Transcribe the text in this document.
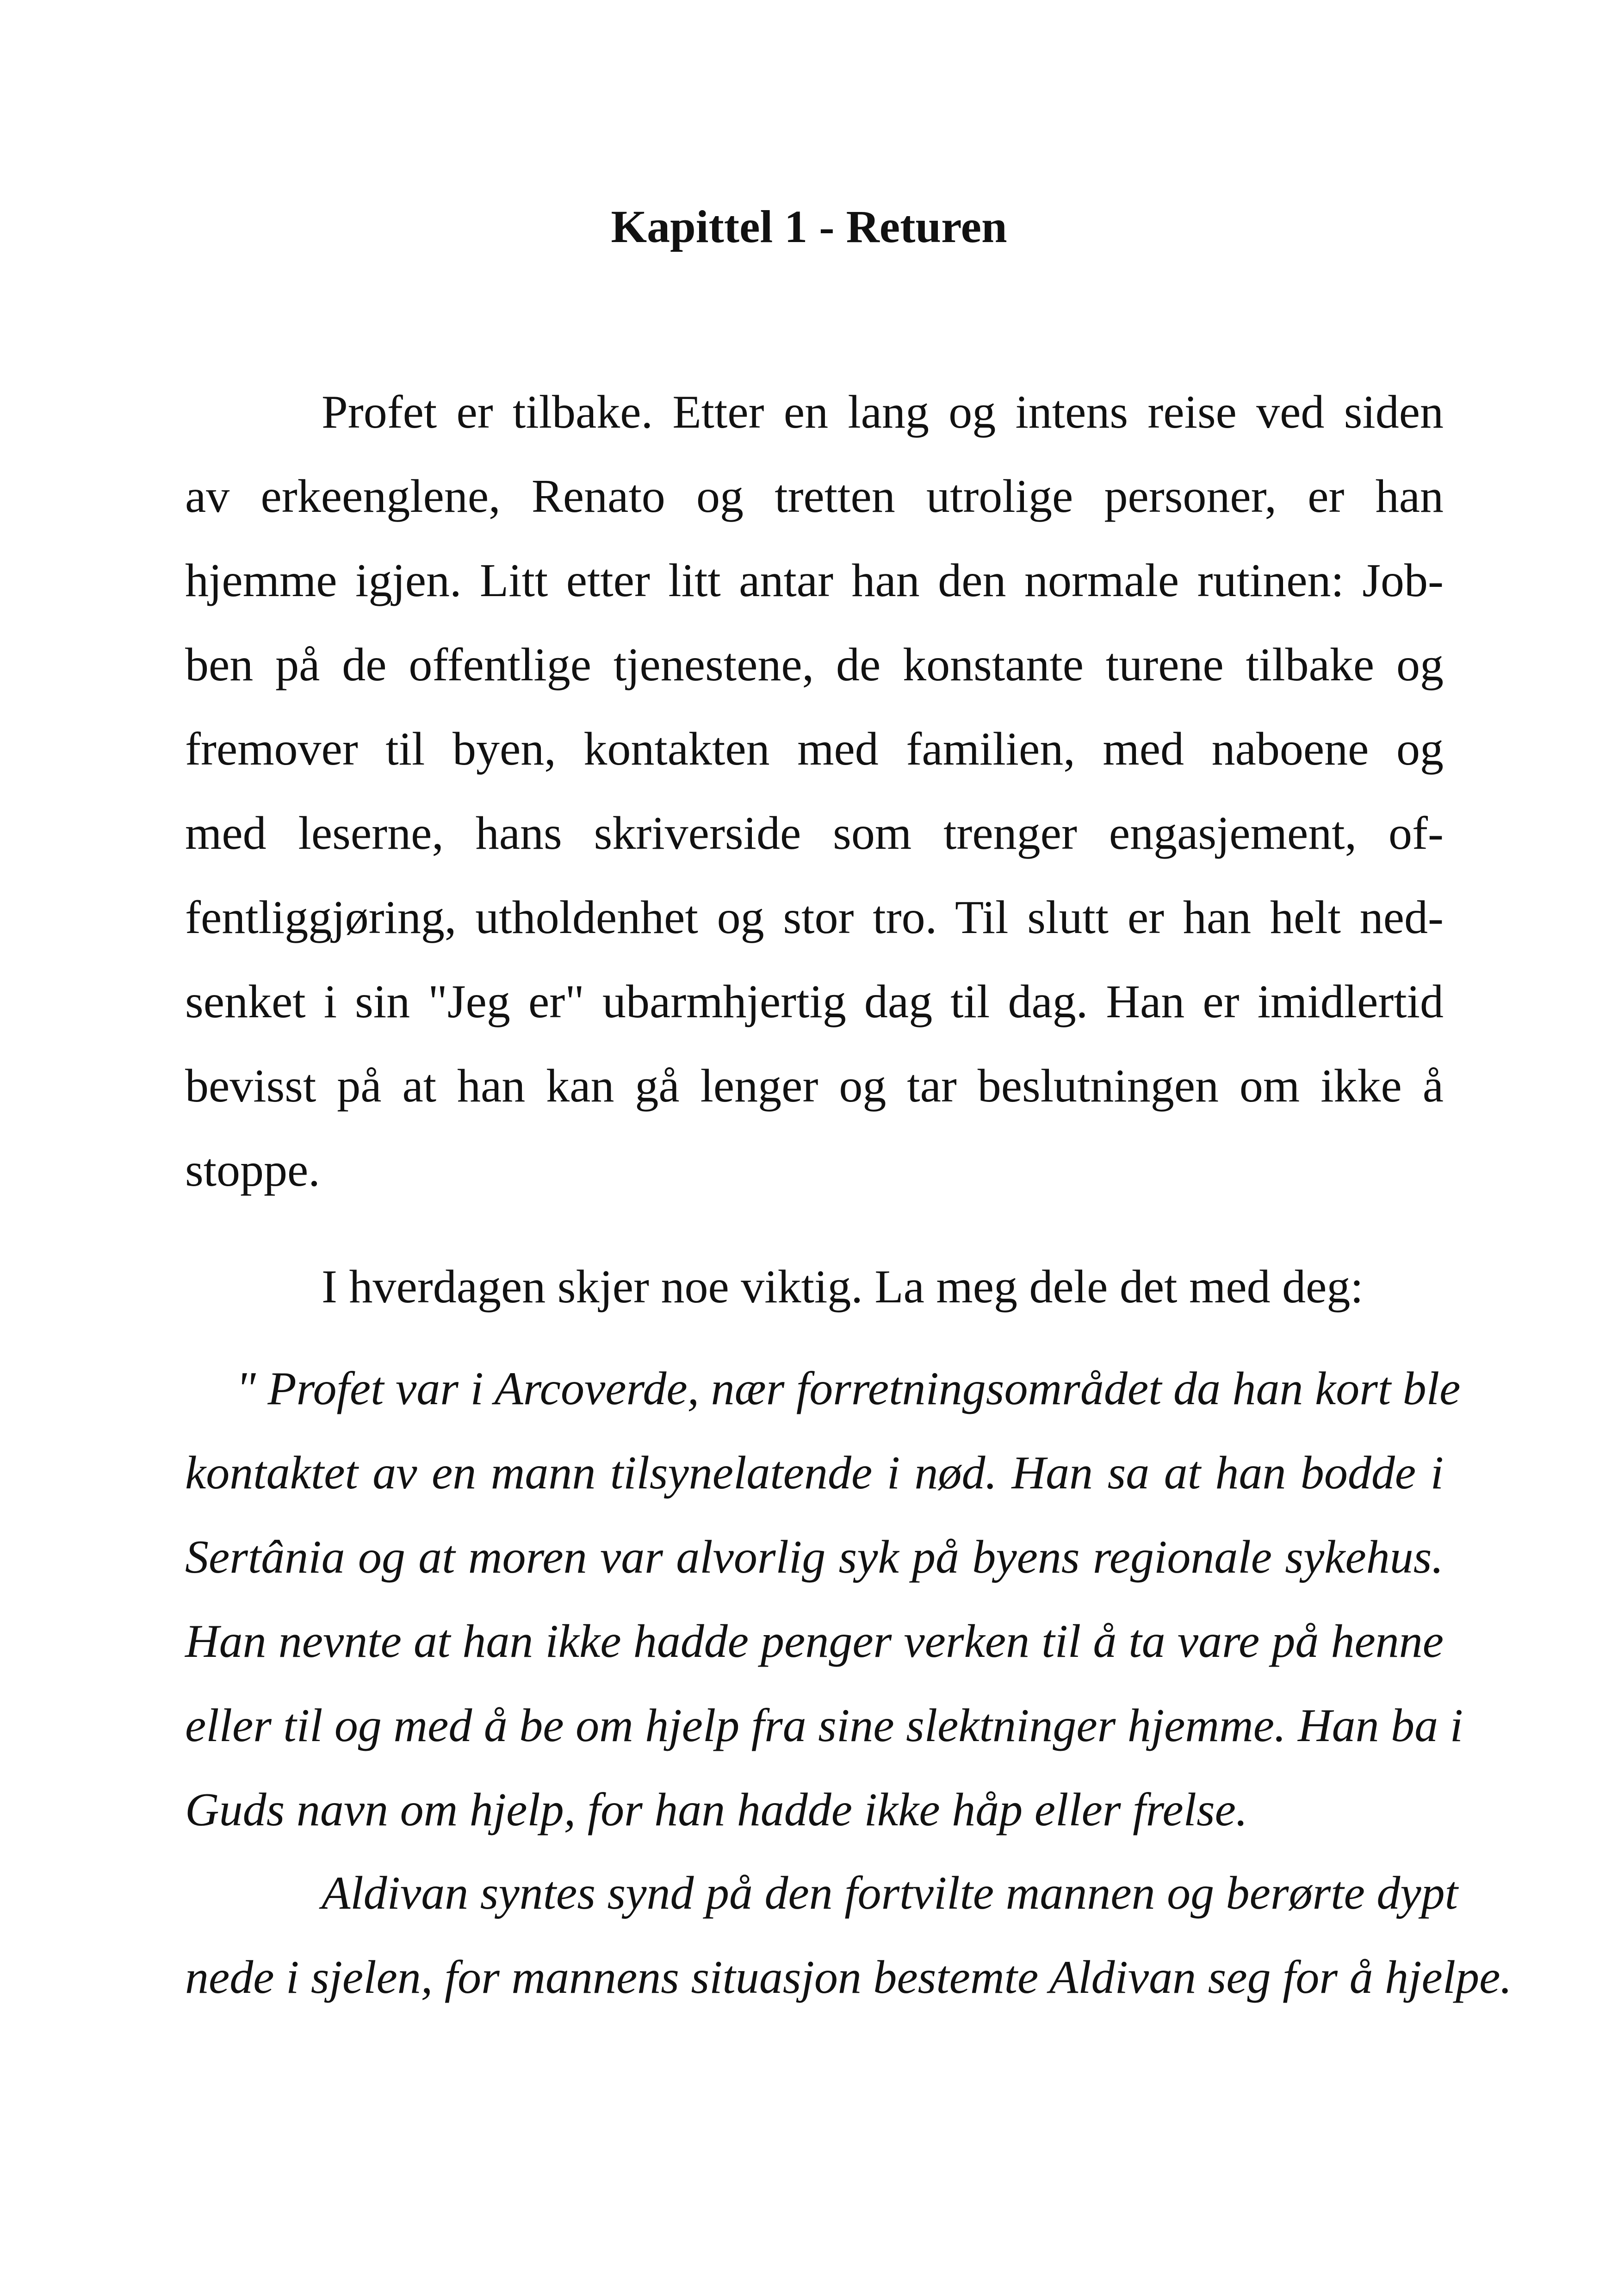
Kapittel 1 - Returen

Profet er tilbake. Etter en lang og intens reise ved siden
av erkeenglene, Renato og tretten utrolige personer, er han
hjemme igjen. Litt etter litt antar han den normale rutinen: Job-
ben på de offentlige tjenestene, de konstante turene tilbake og
fremover til byen, kontakten med familien, med naboene og
med leserne, hans skriverside som trenger engasjement, of-
fentliggjøring, utholdenhet og stor tro. Til slutt er han helt ned-
senket i sin "Jeg er" ubarmhjertig dag til dag. Han er imidlertid
bevisst på at han kan gå lenger og tar beslutningen om ikke å
stoppe.

I hverdagen skjer noe viktig. La meg dele det med deg:

" Profet var i Arcoverde, nær forretningsområdet da han kort ble
kontaktet av en mann tilsynelatende i nød. Han sa at han bodde i
Sertânia og at moren var alvorlig syk på byens regionale sykehus.
Han nevnte at han ikke hadde penger verken til å ta vare på henne
eller til og med å be om hjelp fra sine slektninger hjemme. Han ba i
Guds navn om hjelp, for han hadde ikke håp eller frelse.

Aldivan syntes synd på den fortvilte mannen og berørte dypt
nede i sjelen, for mannens situasjon bestemte Aldivan seg for å hjelpe.
